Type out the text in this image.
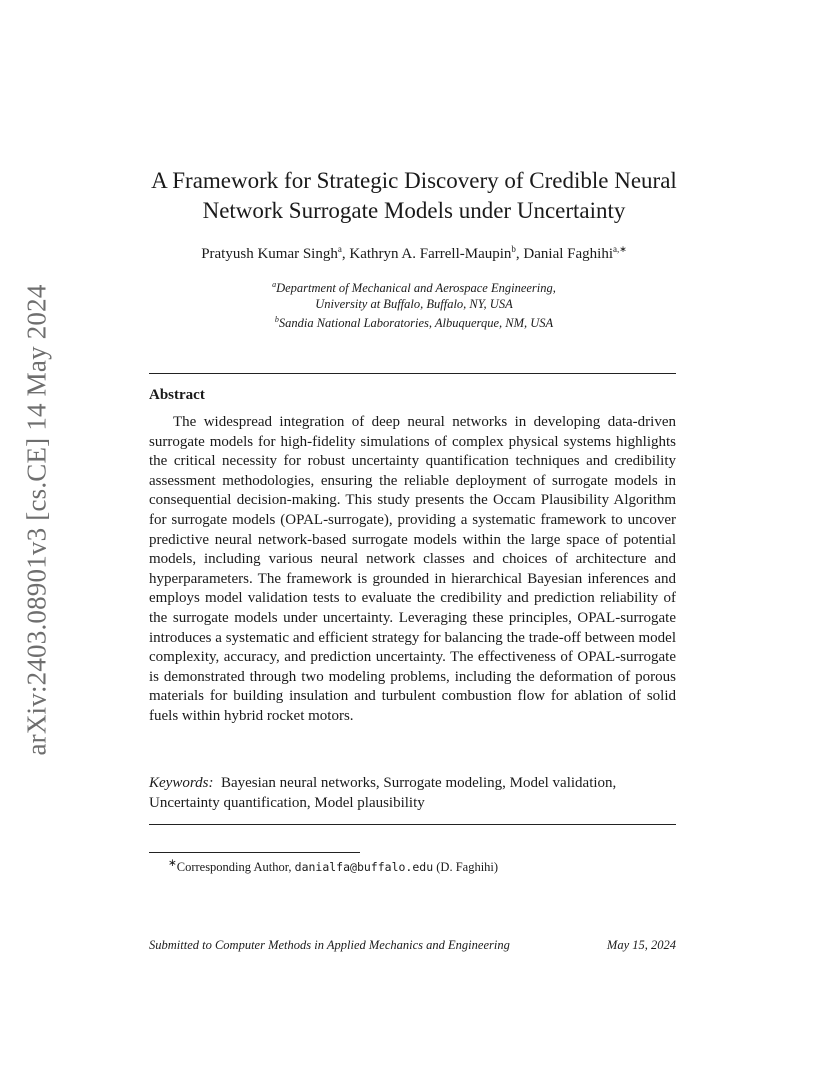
arXiv:2403.08901v3 [cs.CE] 14 May 2024
A Framework for Strategic Discovery of Credible Neural
Network Surrogate Models under Uncertainty
Pratyush Kumar Singh$^a$, Kathryn A. Farrell-Maupin$^b$, Danial Faghihi$^{a,∗}$
$^a$Department of Mechanical and Aerospace Engineering,
University at Buffalo, Buffalo, NY, USA
$^b$Sandia National Laboratories, Albuquerque, NM, USA
Abstract

The widespread integration of deep neural networks in developing data-driven surrogate models for high-fidelity simulations of complex physical systems highlights the critical necessity for robust uncertainty quantification techniques and credibility assessment methodologies, ensuring the reliable deployment of surrogate models in consequential decision-making. This study presents the Occam Plausibility Algorithm for surrogate models (OPAL-surrogate), providing a systematic framework to uncover predictive neural network-based surrogate models within the large space of potential models, including various neural network classes and choices of architecture and hyperparameters. The framework is grounded in hierarchical Bayesian inferences and employs model validation tests to evaluate the credibility and prediction reliability of the surrogate models under uncertainty. Leveraging these principles, OPAL-surrogate introduces a systematic and efficient strategy for balancing the trade-off between model complexity, accuracy, and prediction uncertainty. The effectiveness of OPAL-surrogate is demonstrated through two modeling problems, including the deformation of porous materials for building insulation and turbulent combustion flow for ablation of solid fuels within hybrid rocket motors.

Keywords: Bayesian neural networks, Surrogate modeling, Model validation, Uncertainty quantification, Model plausibility

∗Corresponding Author, danialfa@buffalo.edu (D. Faghihi)
Submitted to Computer Methods in Applied Mechanics and Engineering	May 15, 2024
